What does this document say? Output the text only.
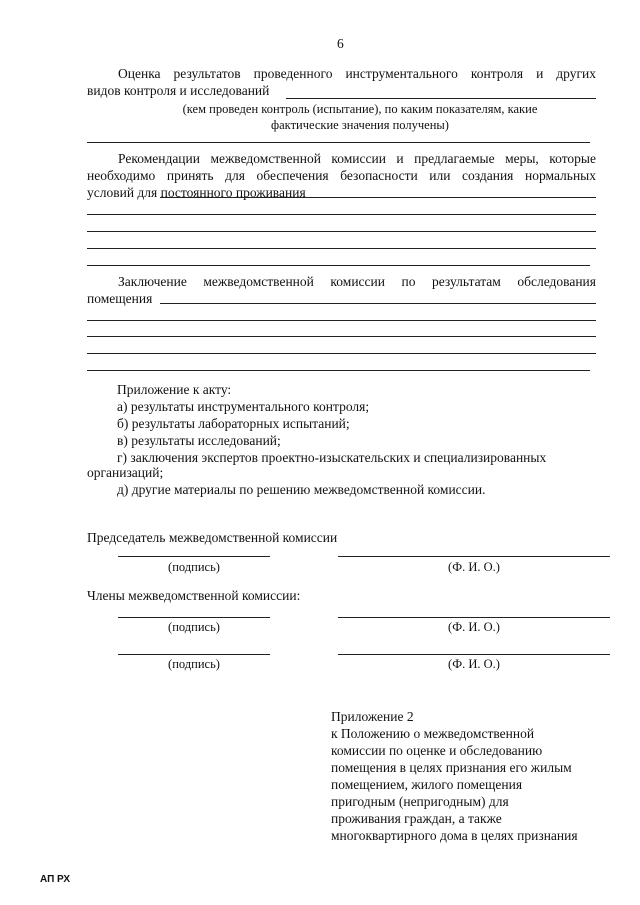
6
Оценка результатов проведенного инструментального контроля и других
видов контроля и исследований
(кем проведен контроль (испытание), по каким показателям, какие
фактические значения получены)
Рекомендации межведомственной комиссии и предлагаемые меры, которые
необходимо принять для обеспечения безопасности или создания нормальных
условий для постоянного проживания
Заключение межведомственной комиссии по результатам обследования
помещения
Приложение к акту:
а) результаты инструментального контроля;
б) результаты лабораторных испытаний;
в) результаты исследований;
г) заключения экспертов проектно-изыскательских и специализированных
организаций;
д) другие материалы по решению межведомственной комиссии.
Председатель межведомственной комиссии
(подпись)	(Ф. И. О.)
Члены межведомственной комиссии:
(подпись)	(Ф. И. О.)
(подпись)	(Ф. И. О.)
Приложение 2
к Положению о межведомственной
комиссии по оценке и обследованию
помещения в целях признания его жилым
помещением, жилого помещения
пригодным (непригодным) для
проживания граждан, а также
многоквартирного дома в целях признания
АП РХ
